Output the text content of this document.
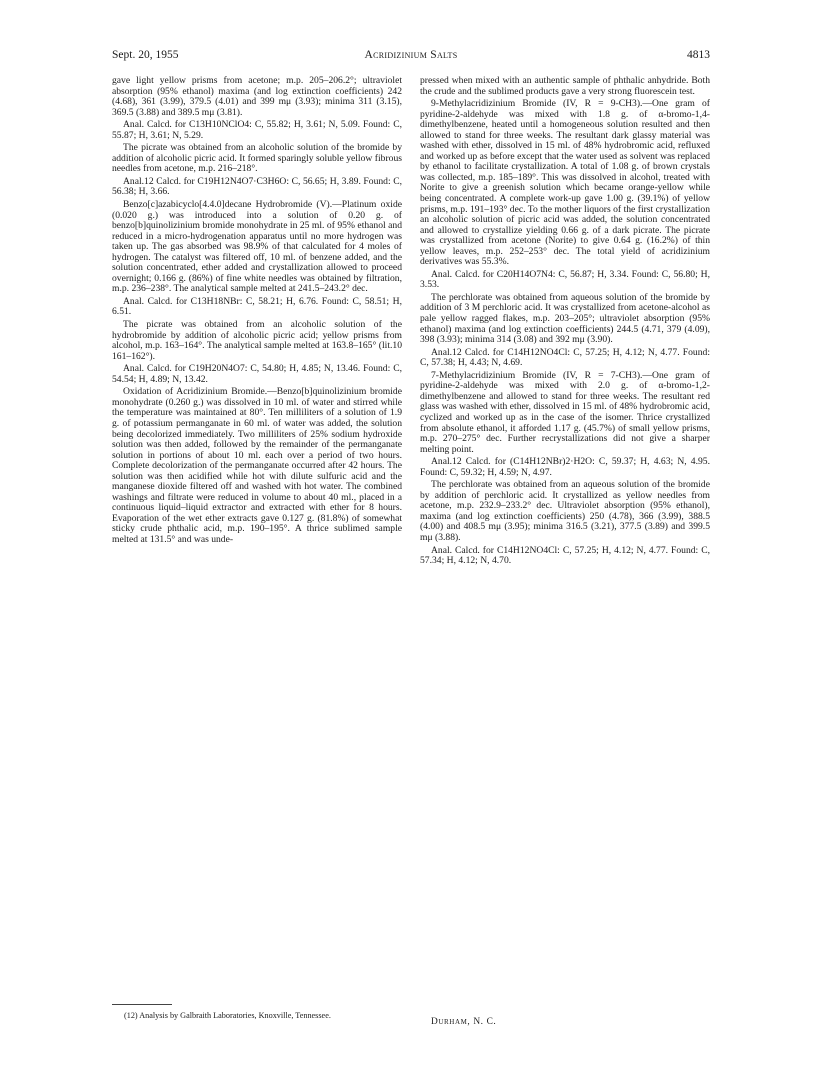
Sept. 20, 1955	Acridizinium Salts	4813

gave light yellow prisms from acetone; m.p. 205–206.2°; ultraviolet absorption (95% ethanol) maxima (and log extinction coefficients) 242 (4.68), 361 (3.99), 379.5 (4.01) and 399 mμ (3.93); minima 311 (3.15), 369.5 (3.88) and 389.5 mμ (3.81).

Anal. Calcd. for C13H10NClO4: C, 55.82; H, 3.61; N, 5.09. Found: C, 55.87; H, 3.61; N, 5.29.

The picrate was obtained from an alcoholic solution of the bromide by addition of alcoholic picric acid. It formed sparingly soluble yellow fibrous needles from acetone, m.p. 216–218°.

Anal.12 Calcd. for C19H12N4O7·C3H6O: C, 56.65; H, 3.89. Found: C, 56.38; H, 3.66.

Benzo[c]azabicyclo[4.4.0]decane Hydrobromide (V).—Platinum oxide (0.020 g.) was introduced into a solution of 0.20 g. of benzo[b]quinolizinium bromide monohydrate in 25 ml. of 95% ethanol and reduced in a micro-hydrogenation apparatus until no more hydrogen was taken up. The gas absorbed was 98.9% of that calculated for 4 moles of hydrogen. The catalyst was filtered off, 10 ml. of benzene added, and the solution concentrated, ether added and crystallization allowed to proceed overnight; 0.166 g. (86%) of fine white needles was obtained by filtration, m.p. 236–238°. The analytical sample melted at 241.5–243.2° dec.

Anal. Calcd. for C13H18NBr: C, 58.21; H, 6.76. Found: C, 58.51; H, 6.51.

The picrate was obtained from an alcoholic solution of the hydrobromide by addition of alcoholic picric acid; yellow prisms from alcohol, m.p. 163–164°. The analytical sample melted at 163.8–165° (lit.10 161–162°).

Anal. Calcd. for C19H20N4O7: C, 54.80; H, 4.85; N, 13.46. Found: C, 54.54; H, 4.89; N, 13.42.

Oxidation of Acridizinium Bromide.—Benzo[b]quinolizinium bromide monohydrate (0.260 g.) was dissolved in 10 ml. of water and stirred while the temperature was maintained at 80°. Ten milliliters of a solution of 1.9 g. of potassium permanganate in 60 ml. of water was added, the solution being decolorized immediately. Two milliliters of 25% sodium hydroxide solution was then added, followed by the remainder of the permanganate solution in portions of about 10 ml. each over a period of two hours. Complete decolorization of the permanganate occurred after 42 hours. The solution was then acidified while hot with dilute sulfuric acid and the manganese dioxide filtered off and washed with hot water. The combined washings and filtrate were reduced in volume to about 40 ml., placed in a continuous liquid–liquid extractor and extracted with ether for 8 hours. Evaporation of the wet ether extracts gave 0.127 g. (81.8%) of somewhat sticky crude phthalic acid, m.p. 190–195°. A thrice sublimed sample melted at 131.5° and was unde-

pressed when mixed with an authentic sample of phthalic anhydride. Both the crude and the sublimed products gave a very strong fluorescein test.

9-Methylacridizinium Bromide (IV, R = 9-CH3).—One gram of pyridine-2-aldehyde was mixed with 1.8 g. of α-bromo-1,4-dimethylbenzene, heated until a homogeneous solution resulted and then allowed to stand for three weeks. The resultant dark glassy material was washed with ether, dissolved in 15 ml. of 48% hydrobromic acid, refluxed and worked up as before except that the water used as solvent was replaced by ethanol to facilitate crystallization. A total of 1.08 g. of brown crystals was collected, m.p. 185–189°. This was dissolved in alcohol, treated with Norite to give a greenish solution which became orange-yellow while being concentrated. A complete work-up gave 1.00 g. (39.1%) of yellow prisms, m.p. 191–193° dec. To the mother liquors of the first crystallization an alcoholic solution of picric acid was added, the solution concentrated and allowed to crystallize yielding 0.66 g. of a dark picrate. The picrate was crystallized from acetone (Norite) to give 0.64 g. (16.2%) of thin yellow leaves, m.p. 252–253° dec. The total yield of acridizinium derivatives was 55.3%.

Anal. Calcd. for C20H14O7N4: C, 56.87; H, 3.34. Found: C, 56.80; H, 3.53.

The perchlorate was obtained from aqueous solution of the bromide by addition of 3 M perchloric acid. It was crystallized from acetone-alcohol as pale yellow ragged flakes, m.p. 203–205°; ultraviolet absorption (95% ethanol) maxima (and log extinction coefficients) 244.5 (4.71, 379 (4.09), 398 (3.93); minima 314 (3.08) and 392 mμ (3.90).

Anal.12 Calcd. for C14H12NO4Cl: C, 57.25; H, 4.12; N, 4.77. Found: C, 57.38; H, 4.43; N, 4.69.

7-Methylacridizinium Bromide (IV, R = 7-CH3).—One gram of pyridine-2-aldehyde was mixed with 2.0 g. of α-bromo-1,2-dimethylbenzene and allowed to stand for three weeks. The resultant red glass was washed with ether, dissolved in 15 ml. of 48% hydrobromic acid, cyclized and worked up as in the case of the isomer. Thrice crystallized from absolute ethanol, it afforded 1.17 g. (45.7%) of small yellow prisms, m.p. 270–275° dec. Further recrystallizations did not give a sharper melting point.

Anal.12 Calcd. for (C14H12NBr)2·H2O: C, 59.37; H, 4.63; N, 4.95. Found: C, 59.32; H, 4.59; N, 4.97.

The perchlorate was obtained from an aqueous solution of the bromide by addition of perchloric acid. It crystallized as yellow needles from acetone, m.p. 232.9–233.2° dec. Ultraviolet absorption (95% ethanol), maxima (and log extinction coefficients) 250 (4.78), 366 (3.99), 388.5 (4.00) and 408.5 mμ (3.95); minima 316.5 (3.21), 377.5 (3.89) and 399.5 mμ (3.88).

Anal. Calcd. for C14H12NO4Cl: C, 57.25; H, 4.12; N, 4.77. Found: C, 57.34; H, 4.12; N, 4.70.

(12) Analysis by Galbraith Laboratories, Knoxville, Tennessee.
Durham, N. C.
